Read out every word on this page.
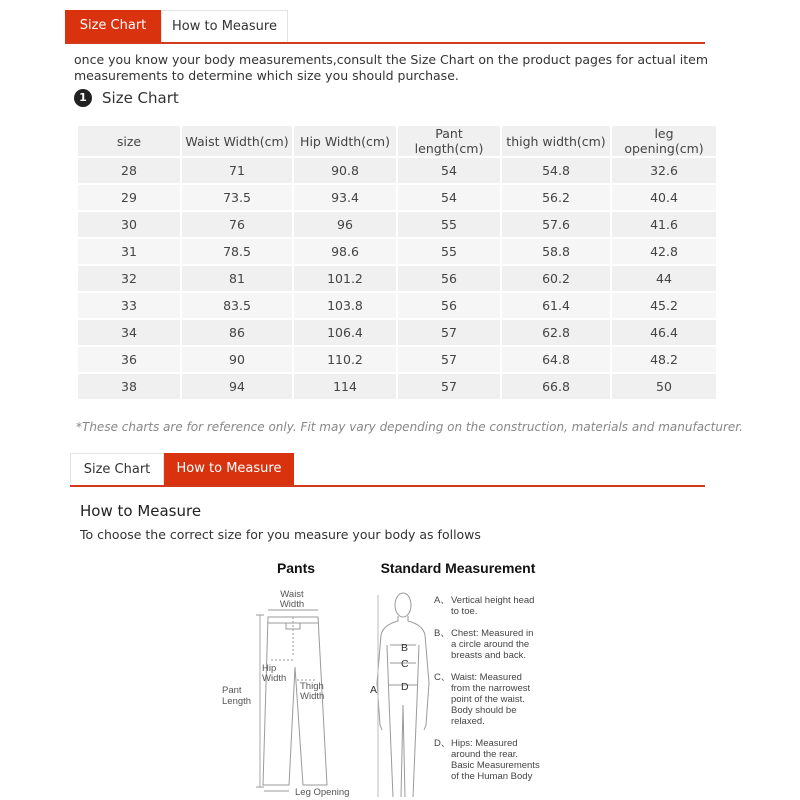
Size Chart	How to Measure
once you know your body measurements,consult the Size Chart on the product pages for actual item measurements to determine which size you should purchase.
1	Size Chart
size	Waist Width(cm)	Hip Width(cm)	Pant length(cm)	thigh width(cm)	leg opening(cm)
28	71	90.8	54	54.8	32.6
29	73.5	93.4	54	56.2	40.4
30	76	96	55	57.6	41.6
31	78.5	98.6	55	58.8	42.8
32	81	101.2	56	60.2	44
33	83.5	103.8	56	61.4	45.2
34	86	106.4	57	62.8	46.4
36	90	110.2	57	64.8	48.2
38	94	114	57	66.8	50
*These charts are for reference only. Fit may vary depending on the construction, materials and manufacturer.
Size Chart	How to Measure
How to Measure
To choose the correct size for you measure your body as follows
Pants
Waist
Width
Hip
Width
Thigh
Width
Pant
Length
Leg Opening
Standard Measurement
B
C
D
A
A、 Vertical height head
to toe.
B、 Chest: Measured in
a circle around the
breasts and back.
C、 Waist: Measured
from the narrowest
point of the waist.
Body should be
relaxed.
D、 Hips: Measured
around the rear.
Basic Measurements
of the Human Body
